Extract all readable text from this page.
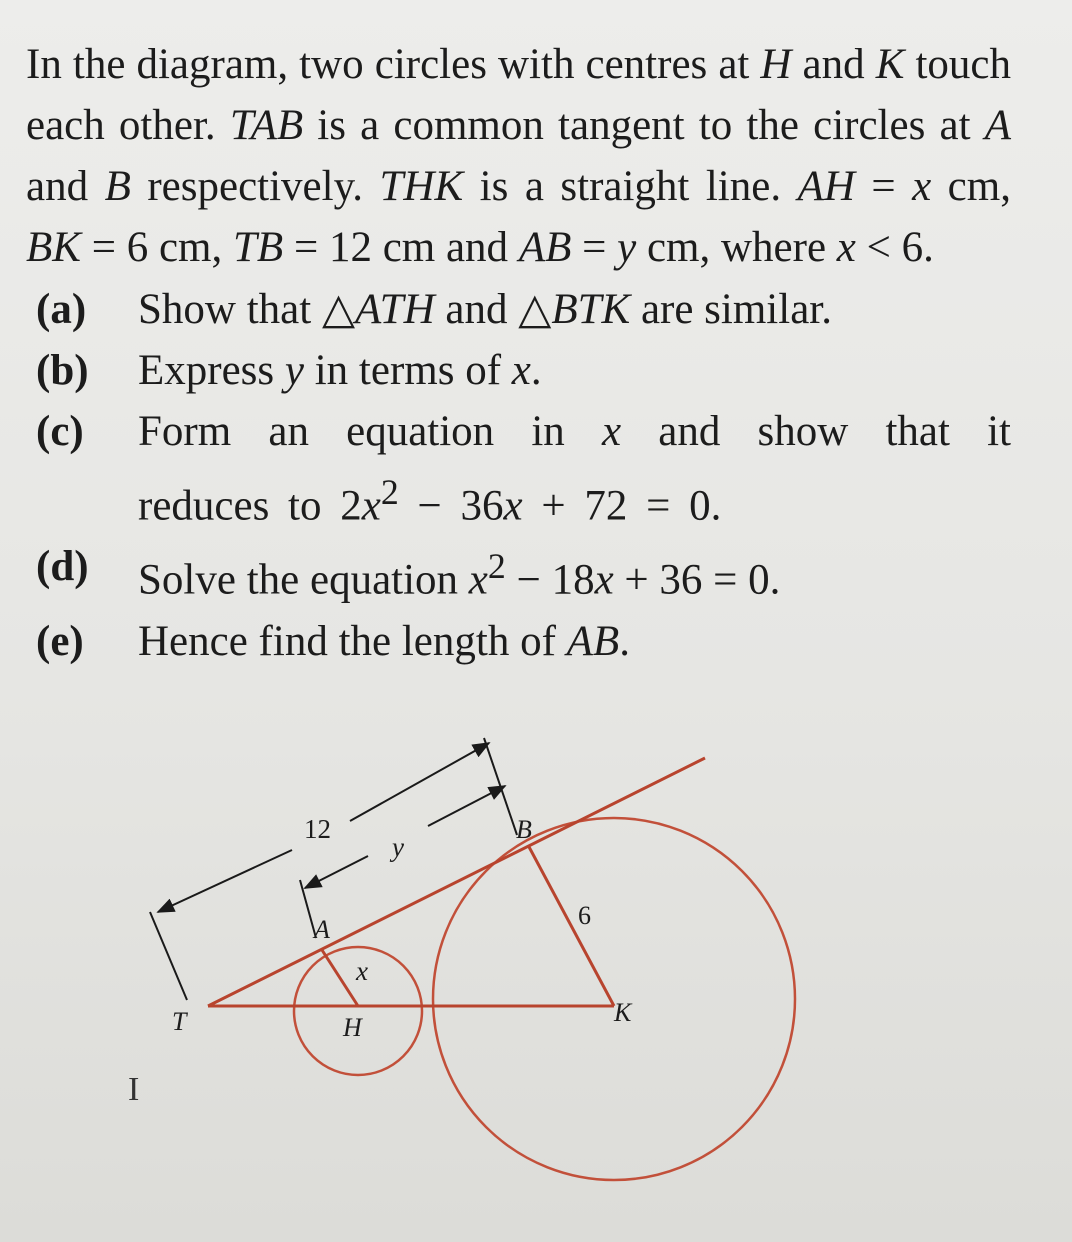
In the diagram, two circles with centres at H and K touch each other. TAB is a common tangent to the circles at A and B respectively. THK is a straight line. AH = x cm, BK = 6 cm, TB = 12 cm and AB = y cm, where x < 6.

(a)	Show that △ATH and △BTK are similar.
(b)	Express y in terms of x.
(c)	Form an equation in x and show that it reduces to $2x^2 - 36x + 72 = 0$.
(d)	Solve the equation $x^2 - 18x + 36 = 0$.
(e)	Hence find the length of AB.
T
A
B
H
K
12
y
x
6
I
